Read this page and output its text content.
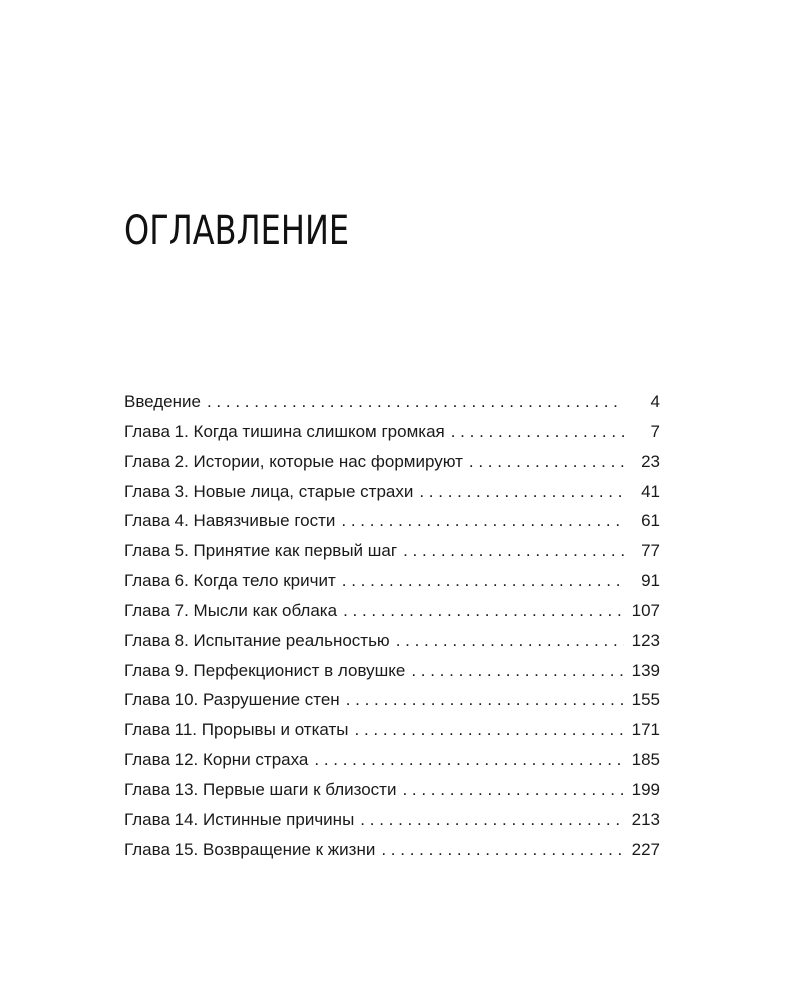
ОГЛАВЛЕНИЕ
Введение . . .	4
Глава 1. Когда тишина слишком громкая . . .	7
Глава 2. Истории, которые нас формируют . . .	23
Глава 3. Новые лица, старые страхи . . .	41
Глава 4. Навязчивые гости . . .	61
Глава 5. Принятие как первый шаг . . .	77
Глава 6. Когда тело кричит . . .	91
Глава 7. Мысли как облака . . .	107
Глава 8. Испытание реальностью . . .	123
Глава 9. Перфекционист в ловушке . . .	139
Глава 10. Разрушение стен . . .	155
Глава 11. Прорывы и откаты . . .	171
Глава 12. Корни страха . . .	185
Глава 13. Первые шаги к близости . . .	199
Глава 14. Истинные причины . . .	213
Глава 15. Возвращение к жизни . . .	227
